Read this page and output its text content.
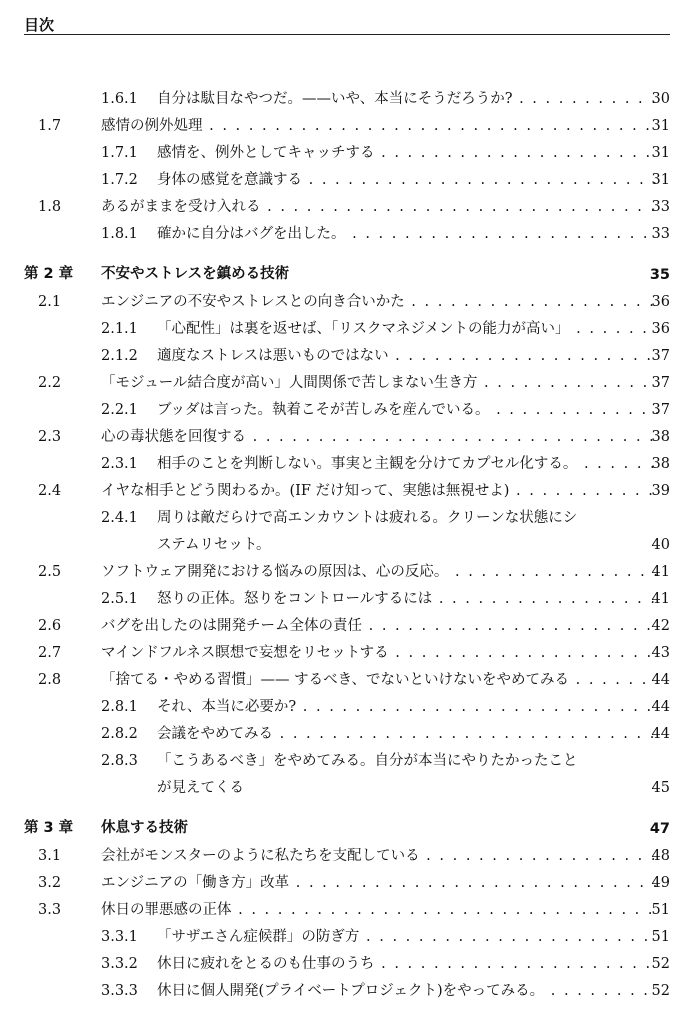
目次
1.6.1 自分は駄目なやつだ。——いや、本当にそうだろうか? . . .	30
1.7	感情の例外処理 . . .	31
1.7.1 感情を、例外としてキャッチする . . .	31
1.7.2 身体の感覚を意識する . . .	31
1.8	あるがままを受け入れる . . .	33
1.8.1 確かに自分はバグを出した。 . . .	33
第 2 章 不安やストレスを鎮める技術	35
2.1	エンジニアの不安やストレスとの向き合いかた . . .	36
2.1.1 「心配性」は裏を返せば、「リスクマネジメントの能力が高い」 . . .	36
2.1.2 適度なストレスは悪いものではない . . .	37
2.2	「モジュール結合度が高い」人間関係で苦しまない生き方 . . .	37
2.2.1 ブッダは言った。執着こそが苦しみを産んでいる。 . . .	37
2.3	心の毒状態を回復する . . .	38
2.3.1 相手のことを判断しない。事実と主観を分けてカプセル化する。 . . .	38
2.4	イヤな相手とどう関わるか。(IF だけ知って、実態は無視せよ) . . .	39
2.4.1 周りは敵だらけで高エンカウントは疲れる。クリーンな状態にシ
ステムリセット。	40
2.5	ソフトウェア開発における悩みの原因は、心の反応。 . . .	41
2.5.1 怒りの正体。怒りをコントロールするには . . .	41
2.6	バグを出したのは開発チーム全体の責任 . . .	42
2.7	マインドフルネス瞑想で妄想をリセットする . . .	43
2.8	「捨てる・やめる習慣」—— するべき、でないといけないをやめてみる . . .	44
2.8.1 それ、本当に必要か? . . .	44
2.8.2 会議をやめてみる . . .	44
2.8.3 「こうあるべき」をやめてみる。自分が本当にやりたかったこと
が見えてくる	45
第 3 章 休息する技術	47
3.1	会社がモンスターのように私たちを支配している . . .	48
3.2	エンジニアの「働き方」改革 . . .	49
3.3	休日の罪悪感の正体 . . .	51
3.3.1 「サザエさん症候群」の防ぎ方 . . .	51
3.3.2 休日に疲れをとるのも仕事のうち . . .	52
3.3.3 休日に個人開発(プライベートプロジェクト)をやってみる。 . . .	52
